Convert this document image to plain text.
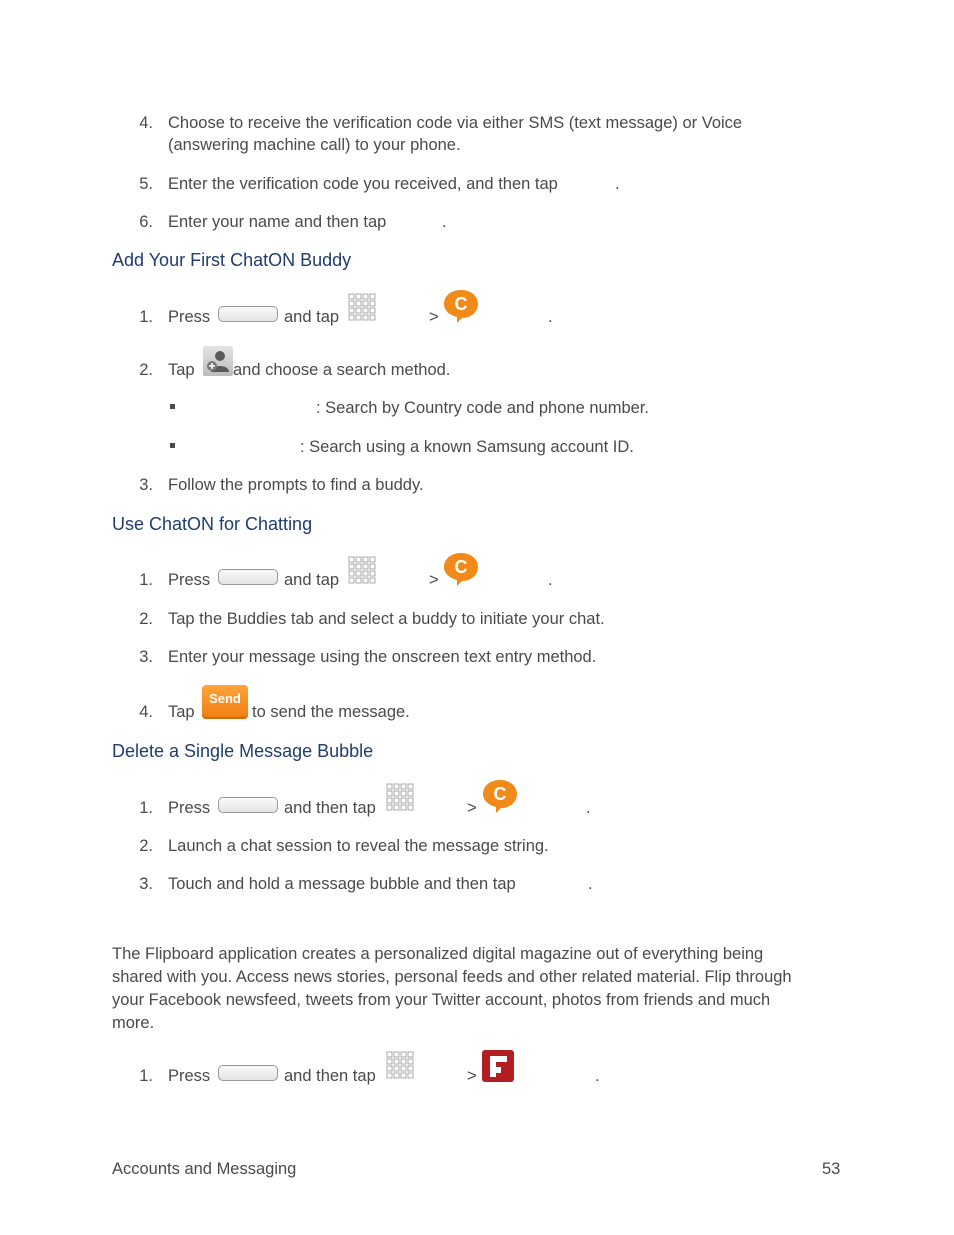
4. Choose to receive the verification code via either SMS (text message) or Voice
(answering machine call) to your phone.
5. Enter the verification code you received, and then tap	.
6. Enter your name and then tap	.
Add Your First ChatON Buddy
1. Press	and tap	>
C
.
2. Tap and choose a search method.
: Search by Country code and phone number.
: Search using a known Samsung account ID.
3. Follow the prompts to find a buddy.
Use ChatON for Chatting
1. Press	and tap	>
C
.
2. Tap the Buddies tab and select a buddy to initiate your chat.
3. Enter your message using the onscreen text entry method.
4. Tap
Send
to send the message.
Delete a Single Message Bubble
1. Press	and then tap	>
C
.
2. Launch a chat session to reveal the message string.
3. Touch and hold a message bubble and then tap	.
The Flipboard application creates a personalized digital magazine out of everything being
shared with you. Access news stories, personal feeds and other related material. Flip through
your Facebook newsfeed, tweets from your Twitter account, photos from friends and much
more.
1. Press	and then tap	>	.
Accounts and Messaging	53
